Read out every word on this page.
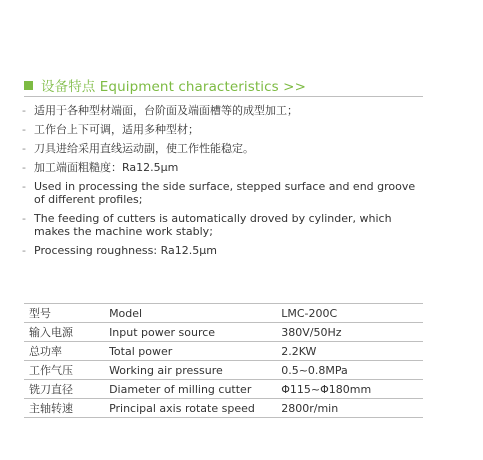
设备特点 Equipment characteristics >>
- 适用于各种型材端面，台阶面及端面槽等的成型加工；
- 工作台上下可调，适用多种型材；
- 刀具进给采用直线运动副，使工作性能稳定。
- 加工端面粗糙度：Ra12.5μm
- Used in processing the side surface, stepped surface and end groove of different profiles;
- The feeding of cutters is automatically droved by cylinder, which makes the machine work stably;
- Processing roughness: Ra12.5μm
型号	Model	LMC-200C
输入电源	Input power source	380V/50Hz
总功率	Total power	2.2KW
工作气压	Working air pressure	0.5~0.8MPa
铣刀直径	Diameter of milling cutter	Φ115~Φ180mm
主轴转速	Principal axis rotate speed	2800r/min
